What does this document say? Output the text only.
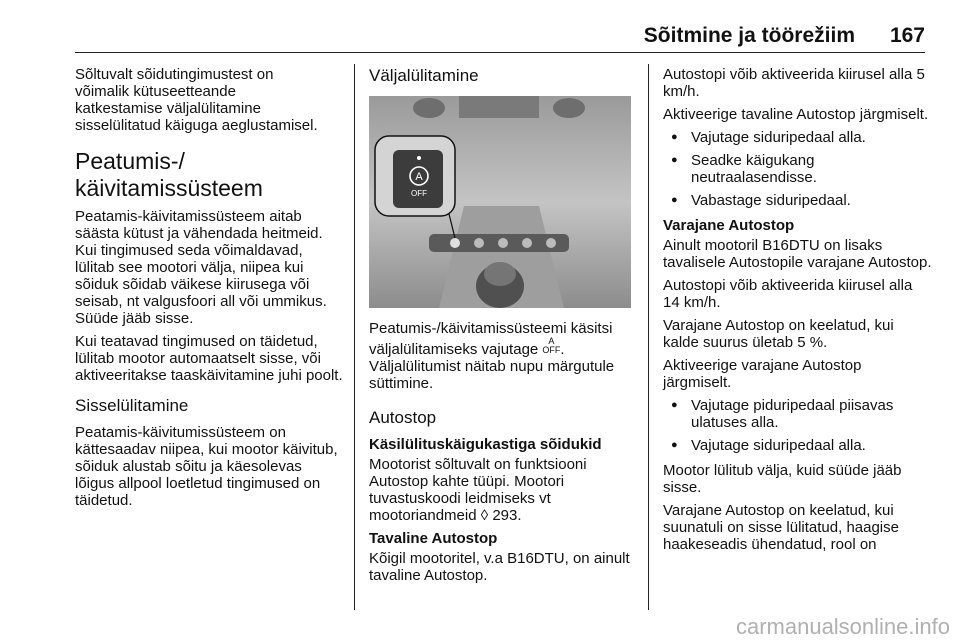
Sõitmine ja töörežiim 167

Sõltuvalt sõidutingimustest on
võimalik kütuseetteande
katkestamise väljalülitamine
sisselülitatud käiguga aeglustamisel.

Peatumis-/
käivitamissüsteem

Peatamis-käivitamissüsteem aitab säästa kütust ja vähendada heitmeid. Kui tingimused seda võimaldavad, lülitab see mootori välja, niipea kui sõiduk sõidab väikese kiirusega või seisab, nt valgusfoori all või ummikus. Süüde jääb sisse.

Kui teatavad tingimused on täidetud, lülitab mootor automaatselt sisse, või aktiveeritakse taaskäivitamine juhi poolt.

Sisselülitamine

Peatamis-käivitumissüsteem on kättesaadav niipea, kui mootor käivitub, sõiduk alustab sõitu ja käesolevas lõigus allpool loetletud tingimused on täidetud.

Väljalülitamine
A
OFF

Peatumis-/käivitamissüsteemi käsitsi väljalülitamiseks vajutage A
OFF.
Väljalülitumist näitab nupu märgutule süttimine.

Autostop

Käsilülituskäigukastiga sõidukid

Mootorist sõltuvalt on funktsiooni Autostop kahte tüüpi. Mootori tuvastuskoodi leidmiseks vt mootoriandmeid ◊ 293.

Tavaline Autostop

Kõigil mootoritel, v.a B16DTU, on ainult tavaline Autostop.

Autostopi võib aktiveerida kiirusel alla 5 km/h.

Aktiveerige tavaline Autostop järgmiselt.

● Vajutage siduripedaal alla.
● Seadke käigukang neutraalasendisse.
● Vabastage siduripedaal.

Varajane Autostop

Ainult mootoril B16DTU on lisaks tavalisele Autostopile varajane Autostop.

Autostopi võib aktiveerida kiirusel alla 14 km/h.

Varajane Autostop on keelatud, kui kalde suurus ületab 5 %.

Aktiveerige varajane Autostop järgmiselt.

● Vajutage piduripedaal piisavas ulatuses alla.
● Vajutage siduripedaal alla.

Mootor lülitub välja, kuid süüde jääb sisse.

Varajane Autostop on keelatud, kui suunatuli on sisse lülitatud, haagise haakeseadis ühendatud, rool on

carmanualsonline.info
